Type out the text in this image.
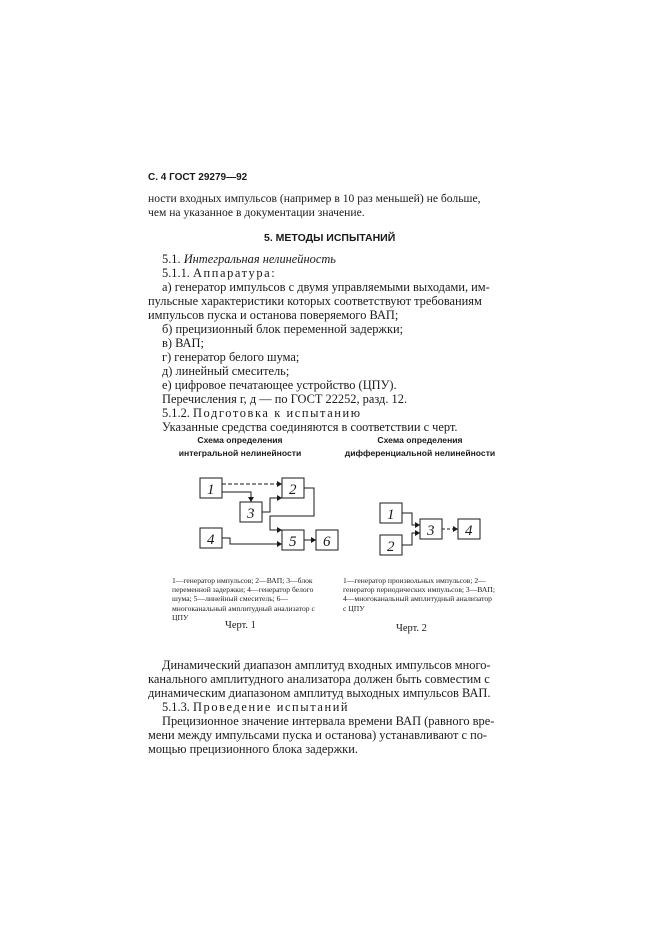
С. 4 ГОСТ 29279—92
ности входных импульсов (например в 10 раз меньшей) не больше,
чем на указанное в документации значение.
5. МЕТОДЫ ИСПЫТАНИЙ
5.1. Интегральная нелинейность
5.1.1. Аппаратура:
а) генератор импульсов с двумя управляемыми выходами, им-
пульсные характеристики которых соответствуют требованиям
импульсов пуска и останова поверяемого ВАП;
б) прецизионный блок переменной задержки;
в) ВАП;
г) генератор белого шума;
д) линейный смеситель;
е) цифровое печатающее устройство (ЦПУ).
Перечисления г, д — по ГОСТ 22252, разд. 12.
5.1.2. Подготовка к испытанию
Указанные средства соединяются в соответствии с черт.
Схема определения
интегральной нелинейности
Схема определения
дифференциальной нелинейности
1	2
3
4	5 6
1
2
3 4
1—генератор импульсов; 2—ВАП; 3—блок переменной задержки; 4—генератор белого шума; 5—линейный смеситель; 6—многоканальный амплитудный анализатор с ЦПУ
1—генератор произвольных импульсов; 2—генератор периодических импульсов; 3—ВАП; 4—многоканальный амплитудный анализатор с ЦПУ
Черт. 1	Черт. 2
Динамический диапазон амплитуд входных импульсов много-
канального амплитудного анализатора должен быть совместим с
динамическим диапазоном амплитуд выходных импульсов ВАП.
5.1.3. Проведение испытаний
Прецизионное значение интервала времени ВАП (равного вре-
мени между импульсами пуска и останова) устанавливают с по-
мощью прецизионного блока задержки.
